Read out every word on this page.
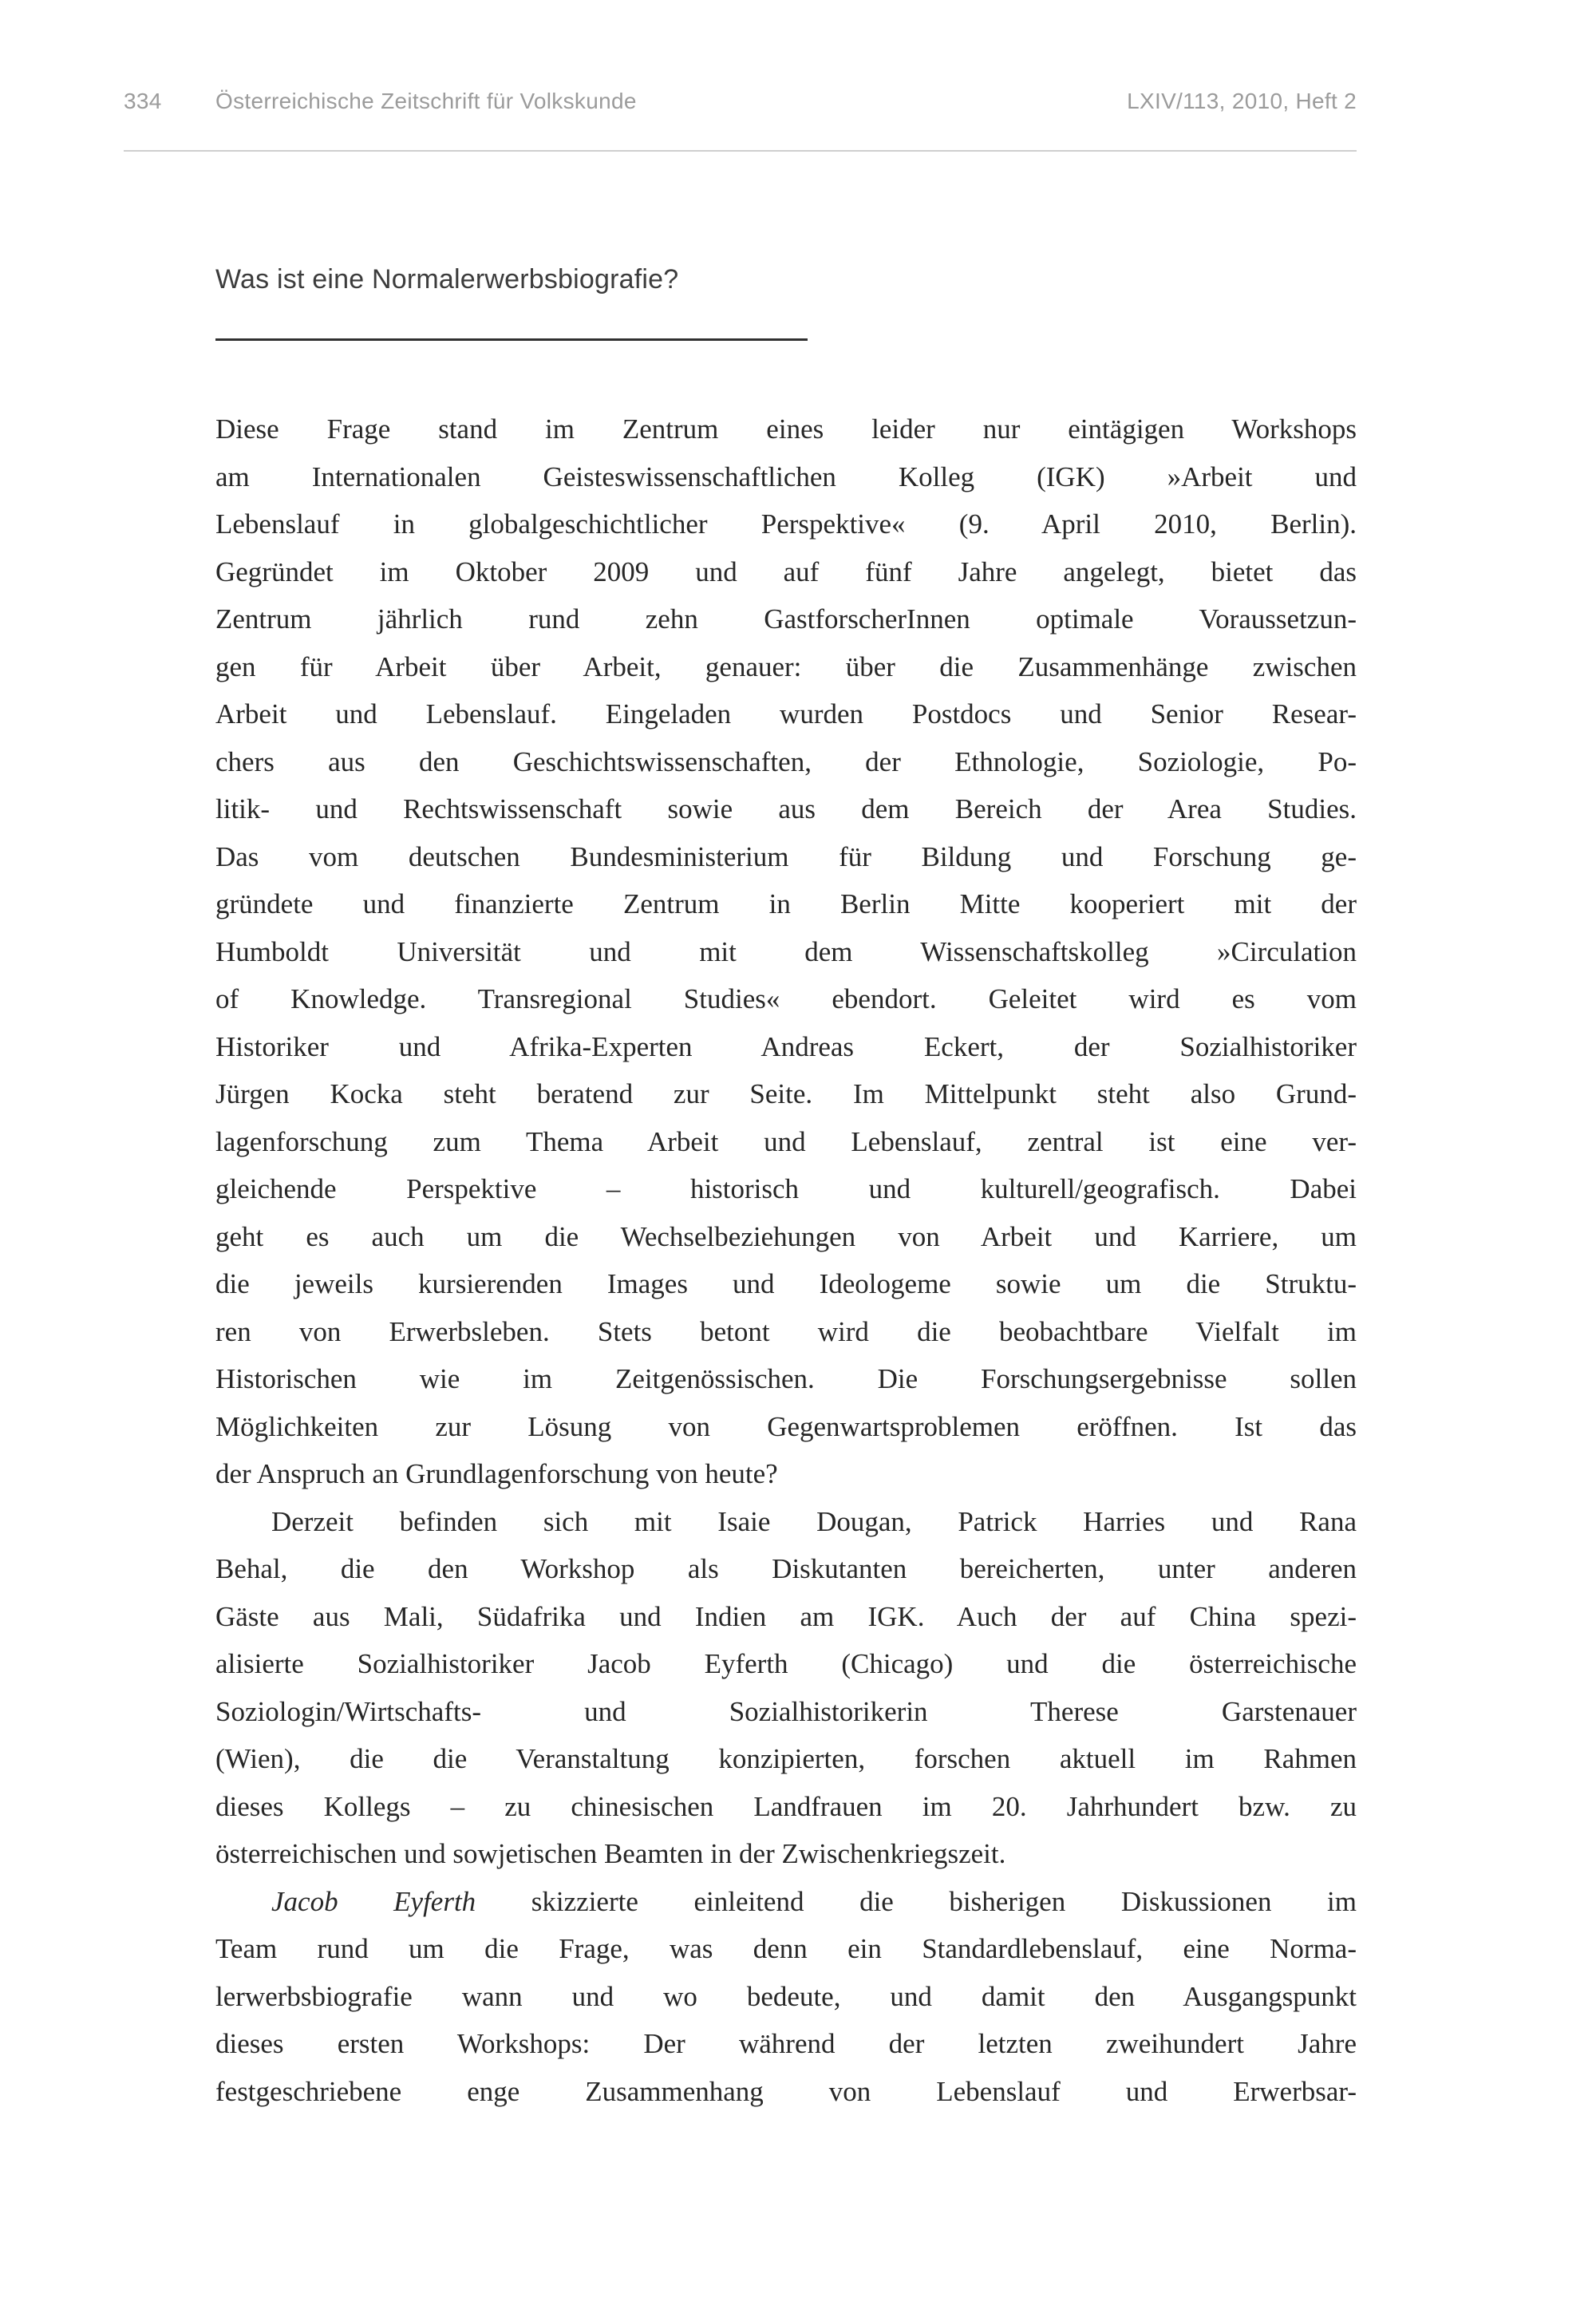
334	Österreichische Zeitschrift für Volkskunde	LXIV/113, 2010, Heft 2
Was ist eine Normalerwerbsbiografie?
Diese Frage stand im Zentrum eines leider nur eintägigen Workshops
am Internationalen Geisteswissenschaftlichen Kolleg (IGK) »Arbeit und
Lebenslauf in globalgeschichtlicher Perspektive« (9. April 2010, Berlin).
Gegründet im Oktober 2009 und auf fünf Jahre angelegt, bietet das
Zentrum jährlich rund zehn GastforscherInnen optimale Voraussetzun-
gen für Arbeit über Arbeit, genauer: über die Zusammenhänge zwischen
Arbeit und Lebenslauf. Eingeladen wurden Postdocs und Senior Resear-
chers aus den Geschichtswissenschaften, der Ethnologie, Soziologie, Po-
litik- und Rechtswissenschaft sowie aus dem Bereich der Area Studies.
Das vom deutschen Bundesministerium für Bildung und Forschung ge-
gründete und finanzierte Zentrum in Berlin Mitte kooperiert mit der
Humboldt Universität und mit dem Wissenschaftskolleg »Circulation
of Knowledge. Transregional Studies« ebendort. Geleitet wird es vom
Historiker und Afrika-Experten Andreas Eckert, der Sozialhistoriker
Jürgen Kocka steht beratend zur Seite. Im Mittelpunkt steht also Grund-
lagenforschung zum Thema Arbeit und Lebenslauf, zentral ist eine ver-
gleichende Perspektive – historisch und kulturell/geografisch. Dabei
geht es auch um die Wechselbeziehungen von Arbeit und Karriere, um
die jeweils kursierenden Images und Ideologeme sowie um die Struktu-
ren von Erwerbsleben. Stets betont wird die beobachtbare Vielfalt im
Historischen wie im Zeitgenössischen. Die Forschungsergebnisse sollen
Möglichkeiten zur Lösung von Gegenwartsproblemen eröffnen. Ist das
der Anspruch an Grundlagenforschung von heute?
Derzeit befinden sich mit Isaie Dougan, Patrick Harries und Rana
Behal, die den Workshop als Diskutanten bereicherten, unter anderen
Gäste aus Mali, Südafrika und Indien am IGK. Auch der auf China spezi-
alisierte Sozialhistoriker Jacob Eyferth (Chicago) und die österreichische
Soziologin/Wirtschafts- und Sozialhistorikerin Therese Garstenauer
(Wien), die die Veranstaltung konzipierten, forschen aktuell im Rahmen
dieses Kollegs – zu chinesischen Landfrauen im 20. Jahrhundert bzw. zu
österreichischen und sowjetischen Beamten in der Zwischenkriegszeit.
Jacob Eyferth skizzierte einleitend die bisherigen Diskussionen im
Team rund um die Frage, was denn ein Standardlebenslauf, eine Norma-
lerwerbsbiografie wann und wo bedeute, und damit den Ausgangspunkt
dieses ersten Workshops: Der während der letzten zweihundert Jahre
festgeschriebene enge Zusammenhang von Lebenslauf und Erwerbsar-
